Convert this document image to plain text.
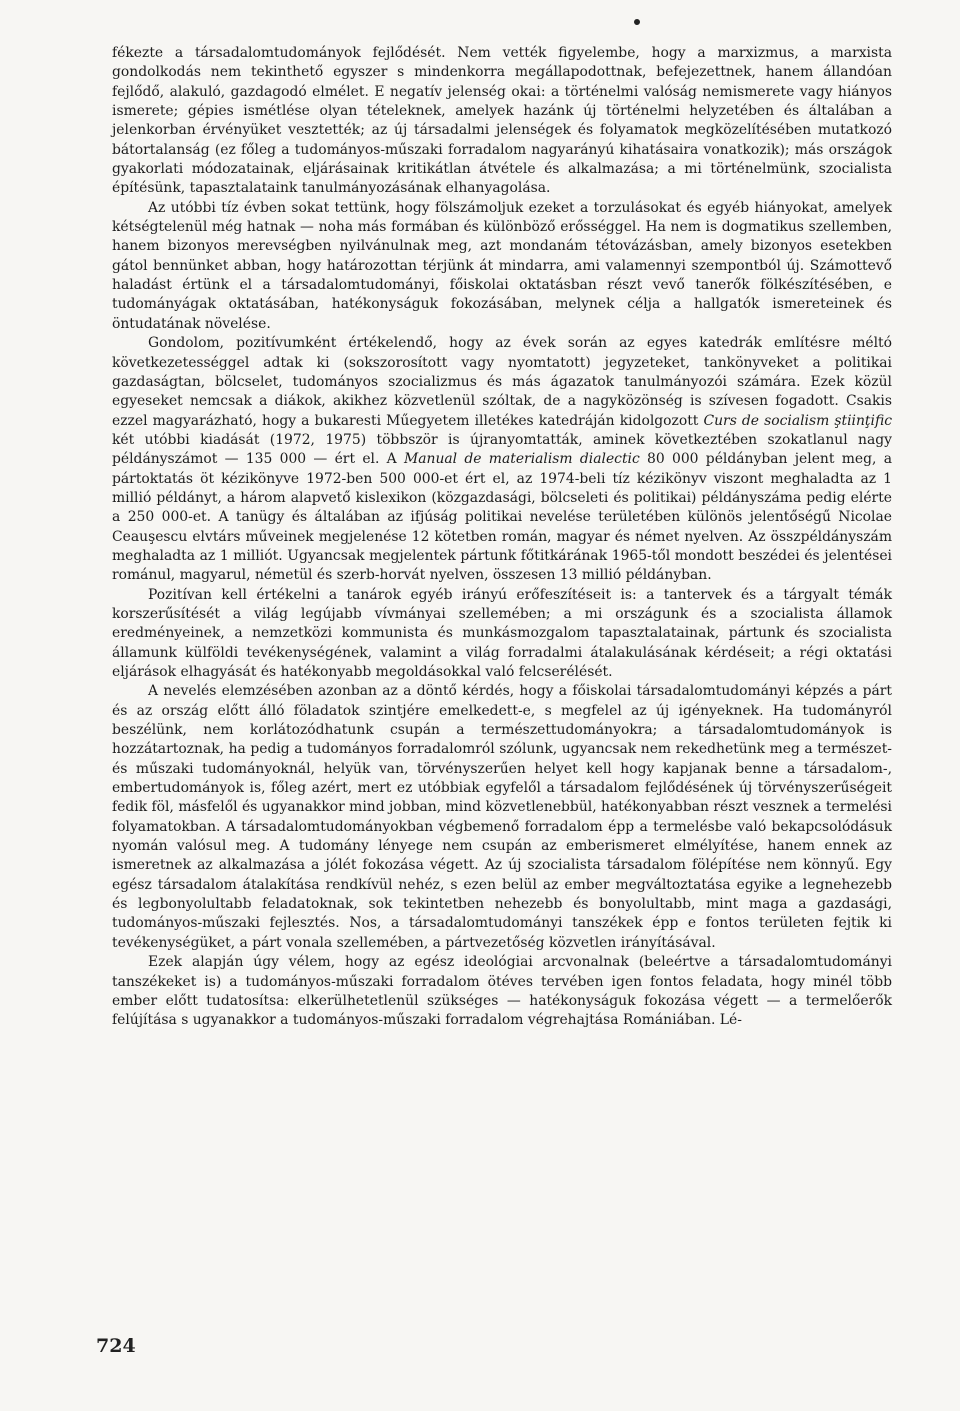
fékezte a társadalomtudományok fejlődését. Nem vették figyelembe, hogy a marxizmus, a marxista gondolkodás nem tekinthető egyszer s mindenkorra megállapodottnak, befejezettnek, hanem állandóan fejlődő, alakuló, gazdagodó elmélet. E negatív jelenség okai: a történelmi valóság nemismerete vagy hiányos ismerete; gépies ismétlése olyan tételeknek, amelyek hazánk új történelmi helyzetében és általában a jelenkorban érvényüket vesztették; az új társadalmi jelenségek és folyamatok megközelítésében mutatkozó bátortalanság (ez főleg a tudományos-műszaki forradalom nagyarányú kihatásaira vonatkozik); más országok gyakorlati módozatainak, eljárásainak kritikátlan átvétele és alkalmazása; a mi történelmünk, szocialista építésünk, tapasztalataink tanulmányozásának elhanyagolása.

Az utóbbi tíz évben sokat tettünk, hogy fölszámoljuk ezeket a torzulásokat és egyéb hiányokat, amelyek kétségtelenül még hatnak — noha más formában és különböző erősséggel. Ha nem is dogmatikus szellemben, hanem bizonyos merevségben nyilvánulnak meg, azt mondanám tétovázásban, amely bizonyos esetekben gátol bennünket abban, hogy határozottan térjünk át mindarra, ami valamennyi szempontból új. Számottevő haladást értünk el a társadalomtudományi, főiskolai oktatásban részt vevő tanerők fölkészítésében, e tudományágak oktatásában, hatékonyságuk fokozásában, melynek célja a hallgatók ismereteinek és öntudatának növelése.

Gondolom, pozitívumként értékelendő, hogy az évek során az egyes katedrák említésre méltó következetességgel adtak ki (sokszorosított vagy nyomtatott) jegyzeteket, tankönyveket a politikai gazdaságtan, bölcselet, tudományos szocializmus és más ágazatok tanulmányozói számára. Ezek közül egyeseket nemcsak a diákok, akikhez közvetlenül szóltak, de a nagyközönség is szívesen fogadott. Csakis ezzel magyarázható, hogy a bukaresti Műegyetem illetékes katedráján kidolgozott Curs de socialism ştiinţific két utóbbi kiadását (1972, 1975) többször is újranyomtatták, aminek következtében szokatlanul nagy példányszámot — 135 000 — ért el. A Manual de materialism dialectic 80 000 példányban jelent meg, a pártoktatás öt kézikönyve 1972-ben 500 000-et ért el, az 1974-beli tíz kézikönyv viszont meghaladta az 1 millió példányt, a három alapvető kislexikon (közgazdasági, bölcseleti és politikai) példányszáma pedig elérte a 250 000-et. A tanügy és általában az ifjúság politikai nevelése területében különös jelentőségű Nicolae Ceauşescu elvtárs műveinek megjelenése 12 kötetben román, magyar és német nyelven. Az összpéldányszám meghaladta az 1 milliót. Ugyancsak megjelentek pártunk főtitkárának 1965-től mondott beszédei és jelentései románul, magyarul, németül és szerb-horvát nyelven, összesen 13 millió példányban.

Pozitívan kell értékelni a tanárok egyéb irányú erőfeszítéseit is: a tantervek és a tárgyalt témák korszerűsítését a világ legújabb vívmányai szellemében; a mi országunk és a szocialista államok eredményeinek, a nemzetközi kommunista és munkásmozgalom tapasztalatainak, pártunk és szocialista államunk külföldi tevékenységének, valamint a világ forradalmi átalakulásának kérdéseit; a régi oktatási eljárások elhagyását és hatékonyabb megoldásokkal való felcserélését.

A nevelés elemzésében azonban az a döntő kérdés, hogy a főiskolai társadalomtudományi képzés a párt és az ország előtt álló föladatok szintjére emelkedett-e, s megfelel az új igényeknek. Ha tudományról beszélünk, nem korlátozódhatunk csupán a természettudományokra; a társadalomtudományok is hozzátartoznak, ha pedig a tudományos forradalomról szólunk, ugyancsak nem rekedhetünk meg a természet- és műszaki tudományoknál, helyük van, törvényszerűen helyet kell hogy kapjanak benne a társadalom-, embertudományok is, főleg azért, mert ez utóbbiak egyfelől a társadalom fejlődésének új törvényszerűségeit fedik föl, másfelől és ugyanakkor mind jobban, mind közvetlenebbül, hatékonyabban részt vesznek a termelési folyamatokban. A társadalomtudományokban végbemenő forradalom épp a termelésbe való bekapcsolódásuk nyomán valósul meg. A tudomány lényege nem csupán az emberismeret elmélyítése, hanem ennek az ismeretnek az alkalmazása a jólét fokozása végett. Az új szocialista társadalom fölépítése nem könnyű. Egy egész társadalom átalakítása rendkívül nehéz, s ezen belül az ember megváltoztatása egyike a legnehezebb és legbonyolultabb feladatoknak, sok tekintetben nehezebb és bonyolultabb, mint maga a gazdasági, tudományos-műszaki fejlesztés. Nos, a társadalomtudományi tanszékek épp e fontos területen fejtik ki tevékenységüket, a párt vonala szellemében, a pártvezetőség közvetlen irányításával.

Ezek alapján úgy vélem, hogy az egész ideológiai arcvonalnak (beleértve a társadalomtudományi tanszékeket is) a tudományos-műszaki forradalom ötéves tervében igen fontos feladata, hogy minél több ember előtt tudatosítsa: elkerülhetetlenül szükséges — hatékonyságuk fokozása végett — a termelőerők felújítása s ugyanakkor a tudományos-műszaki forradalom végrehajtása Romániában. Lé-

724
